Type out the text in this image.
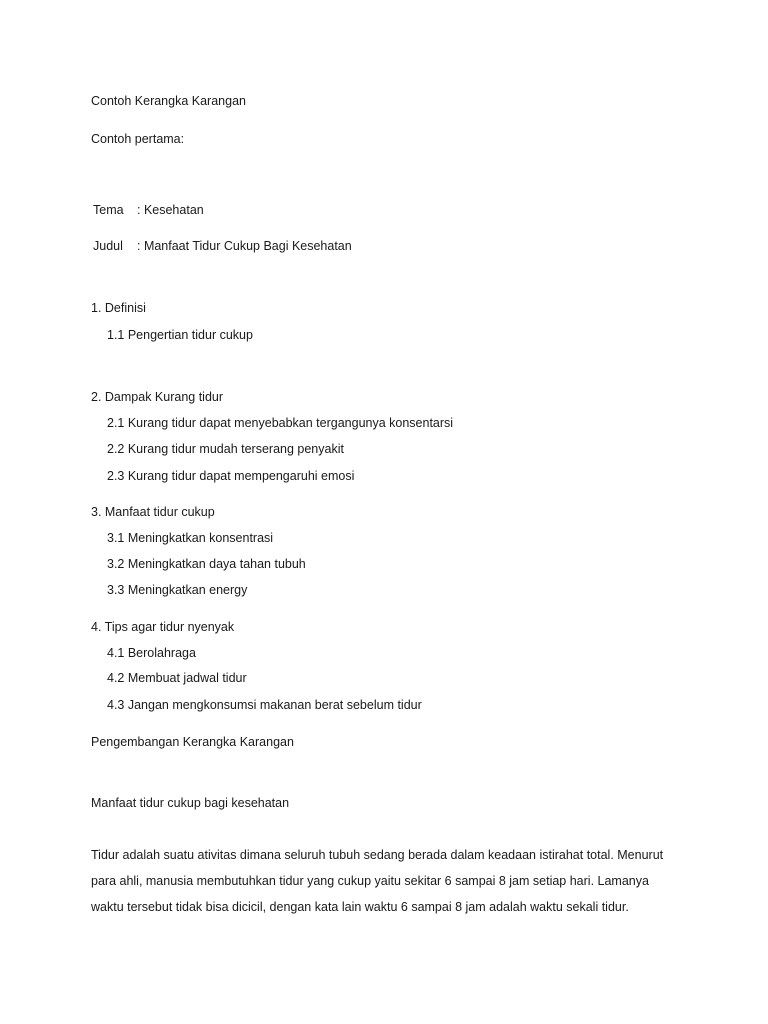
Contoh Kerangka Karangan
Contoh pertama:
Tema : Kesehatan
Judul : Manfaat Tidur Cukup Bagi Kesehatan
1. Definisi
1.1 Pengertian tidur cukup
2. Dampak Kurang tidur
2.1 Kurang tidur dapat menyebabkan tergangunya konsentarsi
2.2 Kurang tidur mudah terserang penyakit
2.3 Kurang tidur dapat mempengaruhi emosi
3. Manfaat tidur cukup
3.1 Meningkatkan konsentrasi
3.2 Meningkatkan daya tahan tubuh
3.3 Meningkatkan energy
4. Tips agar tidur nyenyak
4.1 Berolahraga
4.2 Membuat jadwal tidur
4.3 Jangan mengkonsumsi makanan berat sebelum tidur
Pengembangan Kerangka Karangan
Manfaat tidur cukup bagi kesehatan

Tidur adalah suatu ativitas dimana seluruh tubuh sedang berada dalam keadaan istirahat total. Menurut

para ahli, manusia membutuhkan tidur yang cukup yaitu sekitar 6 sampai 8 jam setiap hari. Lamanya

waktu tersebut tidak bisa dicicil, dengan kata lain waktu 6 sampai 8 jam adalah waktu sekali tidur.
